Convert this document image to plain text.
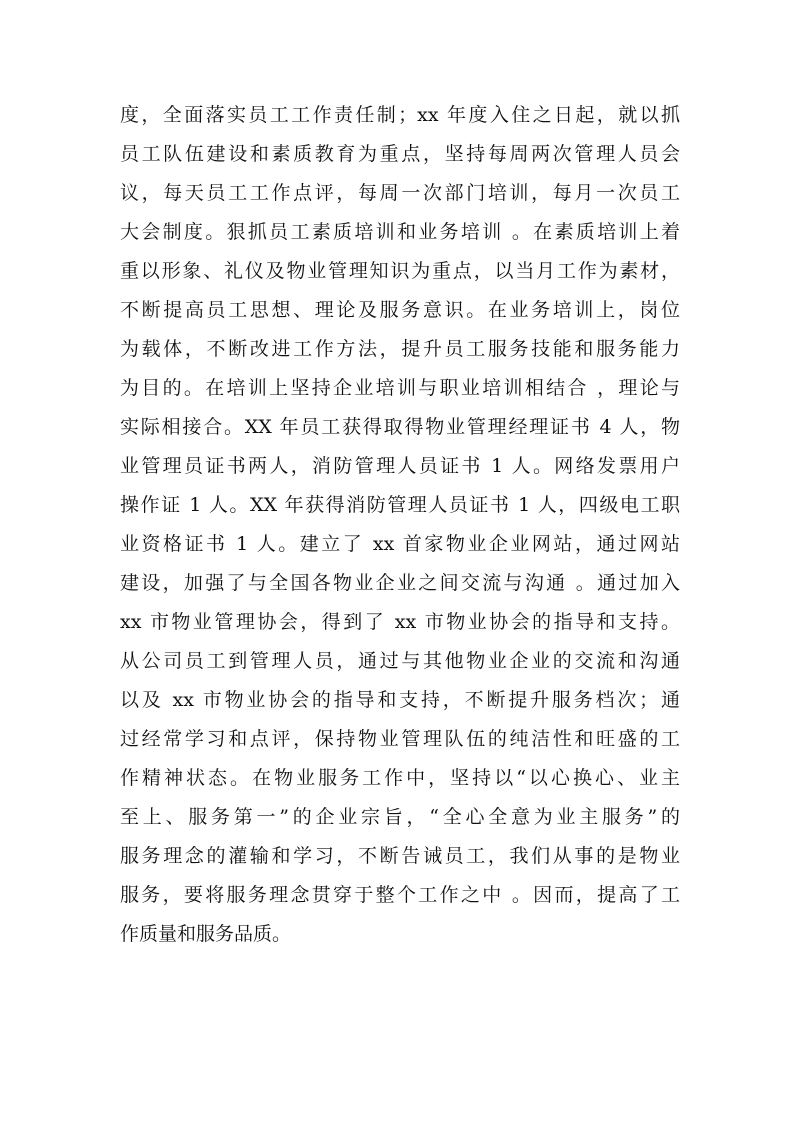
度，全面落实员工工作责任制；xx 年度入住之日起，就以抓
员工队伍建设和素质教育为重点，坚持每周两次管理人员会
议，每天员工工作点评，每周一次部门培训，每月一次员工
大会制度。狠抓员工素质培训和业务培训 。在素质培训上着
重以形象、礼仪及物业管理知识为重点，以当月工作为素材，
不断提高员工思想、理论及服务意识。在业务培训上，岗位
为载体，不断改进工作方法，提升员工服务技能和服务能力
为目的。在培训上坚持企业培训与职业培训相结合 ，理论与
实际相接合。XX 年员工获得取得物业管理经理证书 4 人，物
业管理员证书两人，消防管理人员证书 1 人。网络发票用户
操作证 1 人。XX 年获得消防管理人员证书 1 人，四级电工职
业资格证书 1 人。建立了 xx 首家物业企业网站，通过网站
建设，加强了与全国各物业企业之间交流与沟通 。通过加入
xx 市物业管理协会，得到了 xx 市物业协会的指导和支持。
从公司员工到管理人员，通过与其他物业企业的交流和沟通
以及 xx 市物业协会的指导和支持，不断提升服务档次；通
过经常学习和点评，保持物业管理队伍的纯洁性和旺盛的工
作精神状态。在物业服务工作中，坚持以“以心换心、业主
至上、服务第一”的企业宗旨，“全心全意为业主服务”的
服务理念的灌输和学习，不断告诫员工，我们从事的是物业
服务，要将服务理念贯穿于整个工作之中 。因而，提高了工
作质量和服务品质。
